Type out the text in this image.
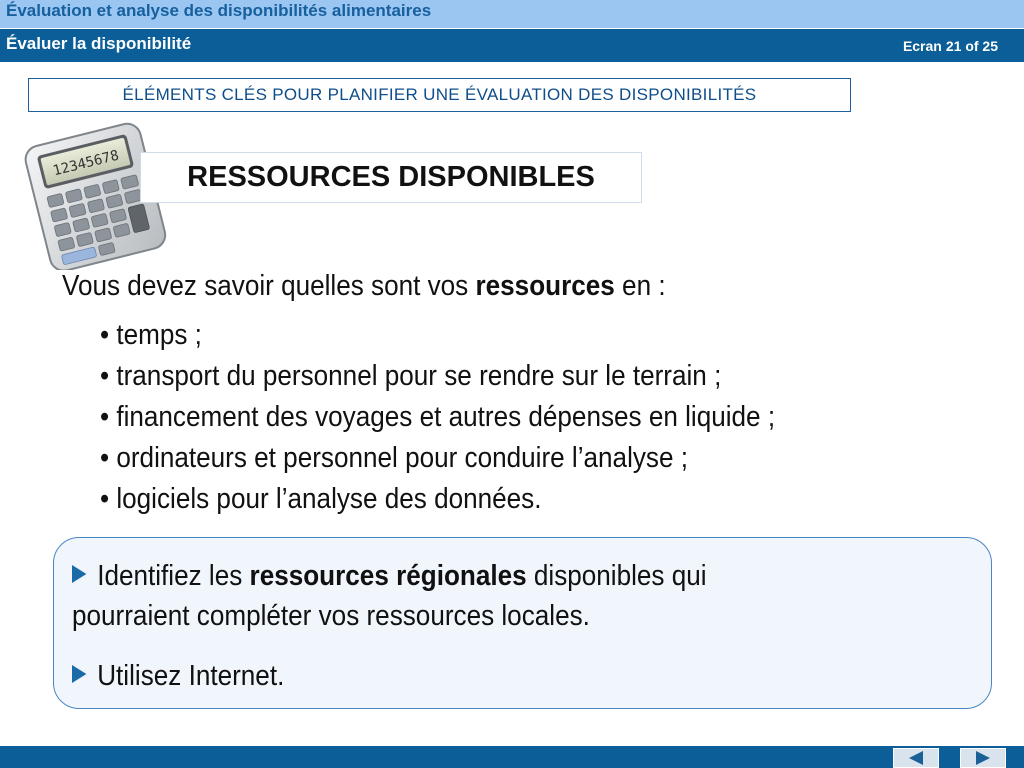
Évaluation et analyse des disponibilités alimentaires
Évaluer la disponibilité	Ecran 21 of 25
ÉLÉMENTS CLÉS POUR PLANIFIER UNE ÉVALUATION DES DISPONIBILITÉS
12345678 RESSOURCES DISPONIBLES
Vous devez savoir quelles sont vos ressources en :
• temps ;
• transport du personnel pour se rendre sur le terrain ;
• financement des voyages et autres dépenses en liquide ;
• ordinateurs et personnel pour conduire l’analyse ;
• logiciels pour l’analyse des données.
Identifiez les ressources régionales disponibles qui
pourraient compléter vos ressources locales.
Utilisez Internet.
